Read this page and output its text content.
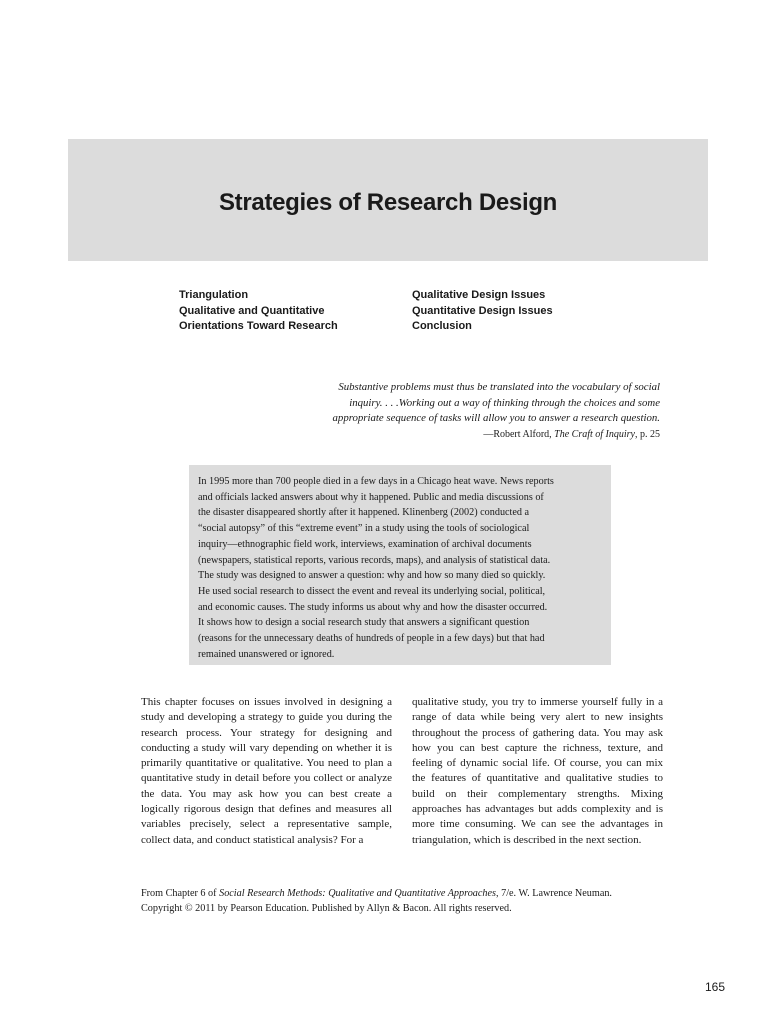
Strategies of Research Design
Triangulation
Qualitative and Quantitative
Orientations Toward Research
Qualitative Design Issues
Quantitative Design Issues
Conclusion
Substantive problems must thus be translated into the vocabulary of social
inquiry. . . .Working out a way of thinking through the choices and some
appropriate sequence of tasks will allow you to answer a research question.
—Robert Alford, The Craft of Inquiry, p. 25

In 1995 more than 700 people died in a few days in a Chicago heat wave. News reports

and officials lacked answers about why it happened. Public and media discussions of

the disaster disappeared shortly after it happened. Klinenberg (2002) conducted a

“social autopsy” of this “extreme event” in a study using the tools of sociological

inquiry—ethnographic field work, interviews, examination of archival documents

(newspapers, statistical reports, various records, maps), and analysis of statistical data.

The study was designed to answer a question: why and how so many died so quickly.

He used social research to dissect the event and reveal its underlying social, political,

and economic causes. The study informs us about why and how the disaster occurred.

It shows how to design a social research study that answers a significant question

(reasons for the unnecessary deaths of hundreds of people in a few days) but that had

remained unanswered or ignored.

This chapter focuses on issues involved in designing a study and developing a strategy to guide you during the research process. Your strategy for designing and conducting a study will vary depending on whether it is primarily quantitative or qualitative. You need to plan a quantitative study in detail before you collect or analyze the data. You may ask how you can best create a logically rigorous design that defines and measures all variables precisely, select a representative sample, collect data, and conduct statistical analysis? For a

qualitative study, you try to immerse yourself fully in a range of data while being very alert to new insights throughout the process of gathering data. You may ask how you can best capture the richness, texture, and feeling of dynamic social life. Of course, you can mix the features of quantitative and qualitative studies to build on their complementary strengths. Mixing approaches has advantages but adds complexity and is more time consuming. We can see the advantages in triangulation, which is described in the next section.

From Chapter 6 of Social Research Methods: Qualitative and Quantitative Approaches, 7/e. W. Lawrence Neuman.
Copyright © 2011 by Pearson Education. Published by Allyn & Bacon. All rights reserved.
165
